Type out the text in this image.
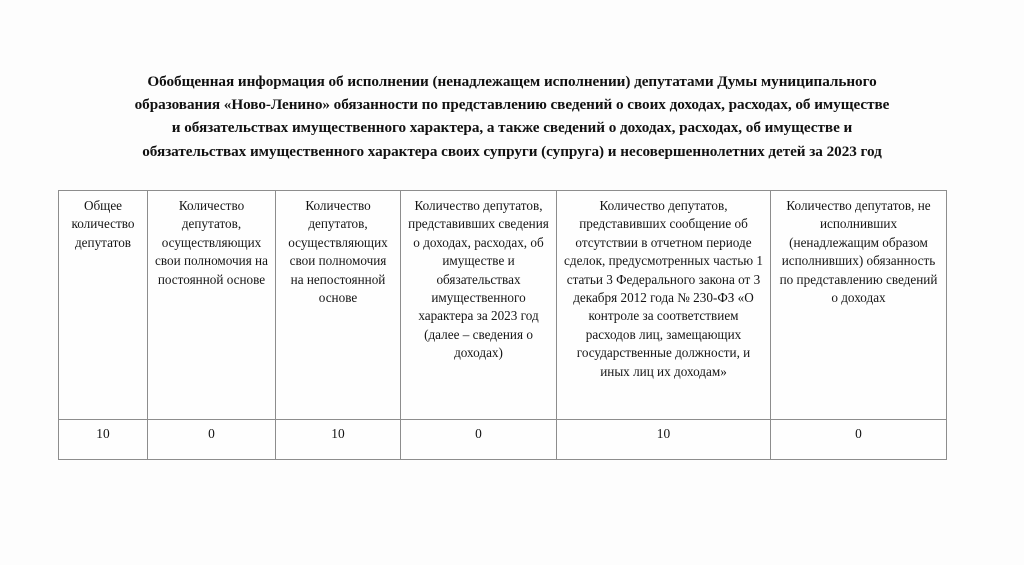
Обобщенная информация об исполнении (ненадлежащем исполнении) депутатами Думы муниципального
образования «Ново-Ленино» обязанности по представлению сведений о своих доходах, расходах, об имуществе
и обязательствах имущественного характера, а также сведений о доходах, расходах, об имуществе и
обязательствах имущественного характера своих супруги (супруга) и несовершеннолетних детей за 2023 год
Общее количество депутатов	Количество депутатов, осуществляющих свои полномочия на постоянной основе	Количество депутатов, осуществляющих свои полномочия на непостоянной основе	Количество депутатов, представивших сведения о доходах, расходах, об имуществе и обязательствах имущественного характера за 2023 год (далее – сведения о доходах)	Количество депутатов, представивших сообщение об отсутствии в отчетном периоде сделок, предусмотренных частью 1 статьи 3 Федерального закона от 3 декабря 2012 года № 230-ФЗ «О контроле за соответствием расходов лиц, замещающих государственные должности, и иных лиц их доходам»	Количество депутатов, не исполнивших (ненадлежащим образом исполнивших) обязанность по представлению сведений о доходах

10	0	10	0	10	0
